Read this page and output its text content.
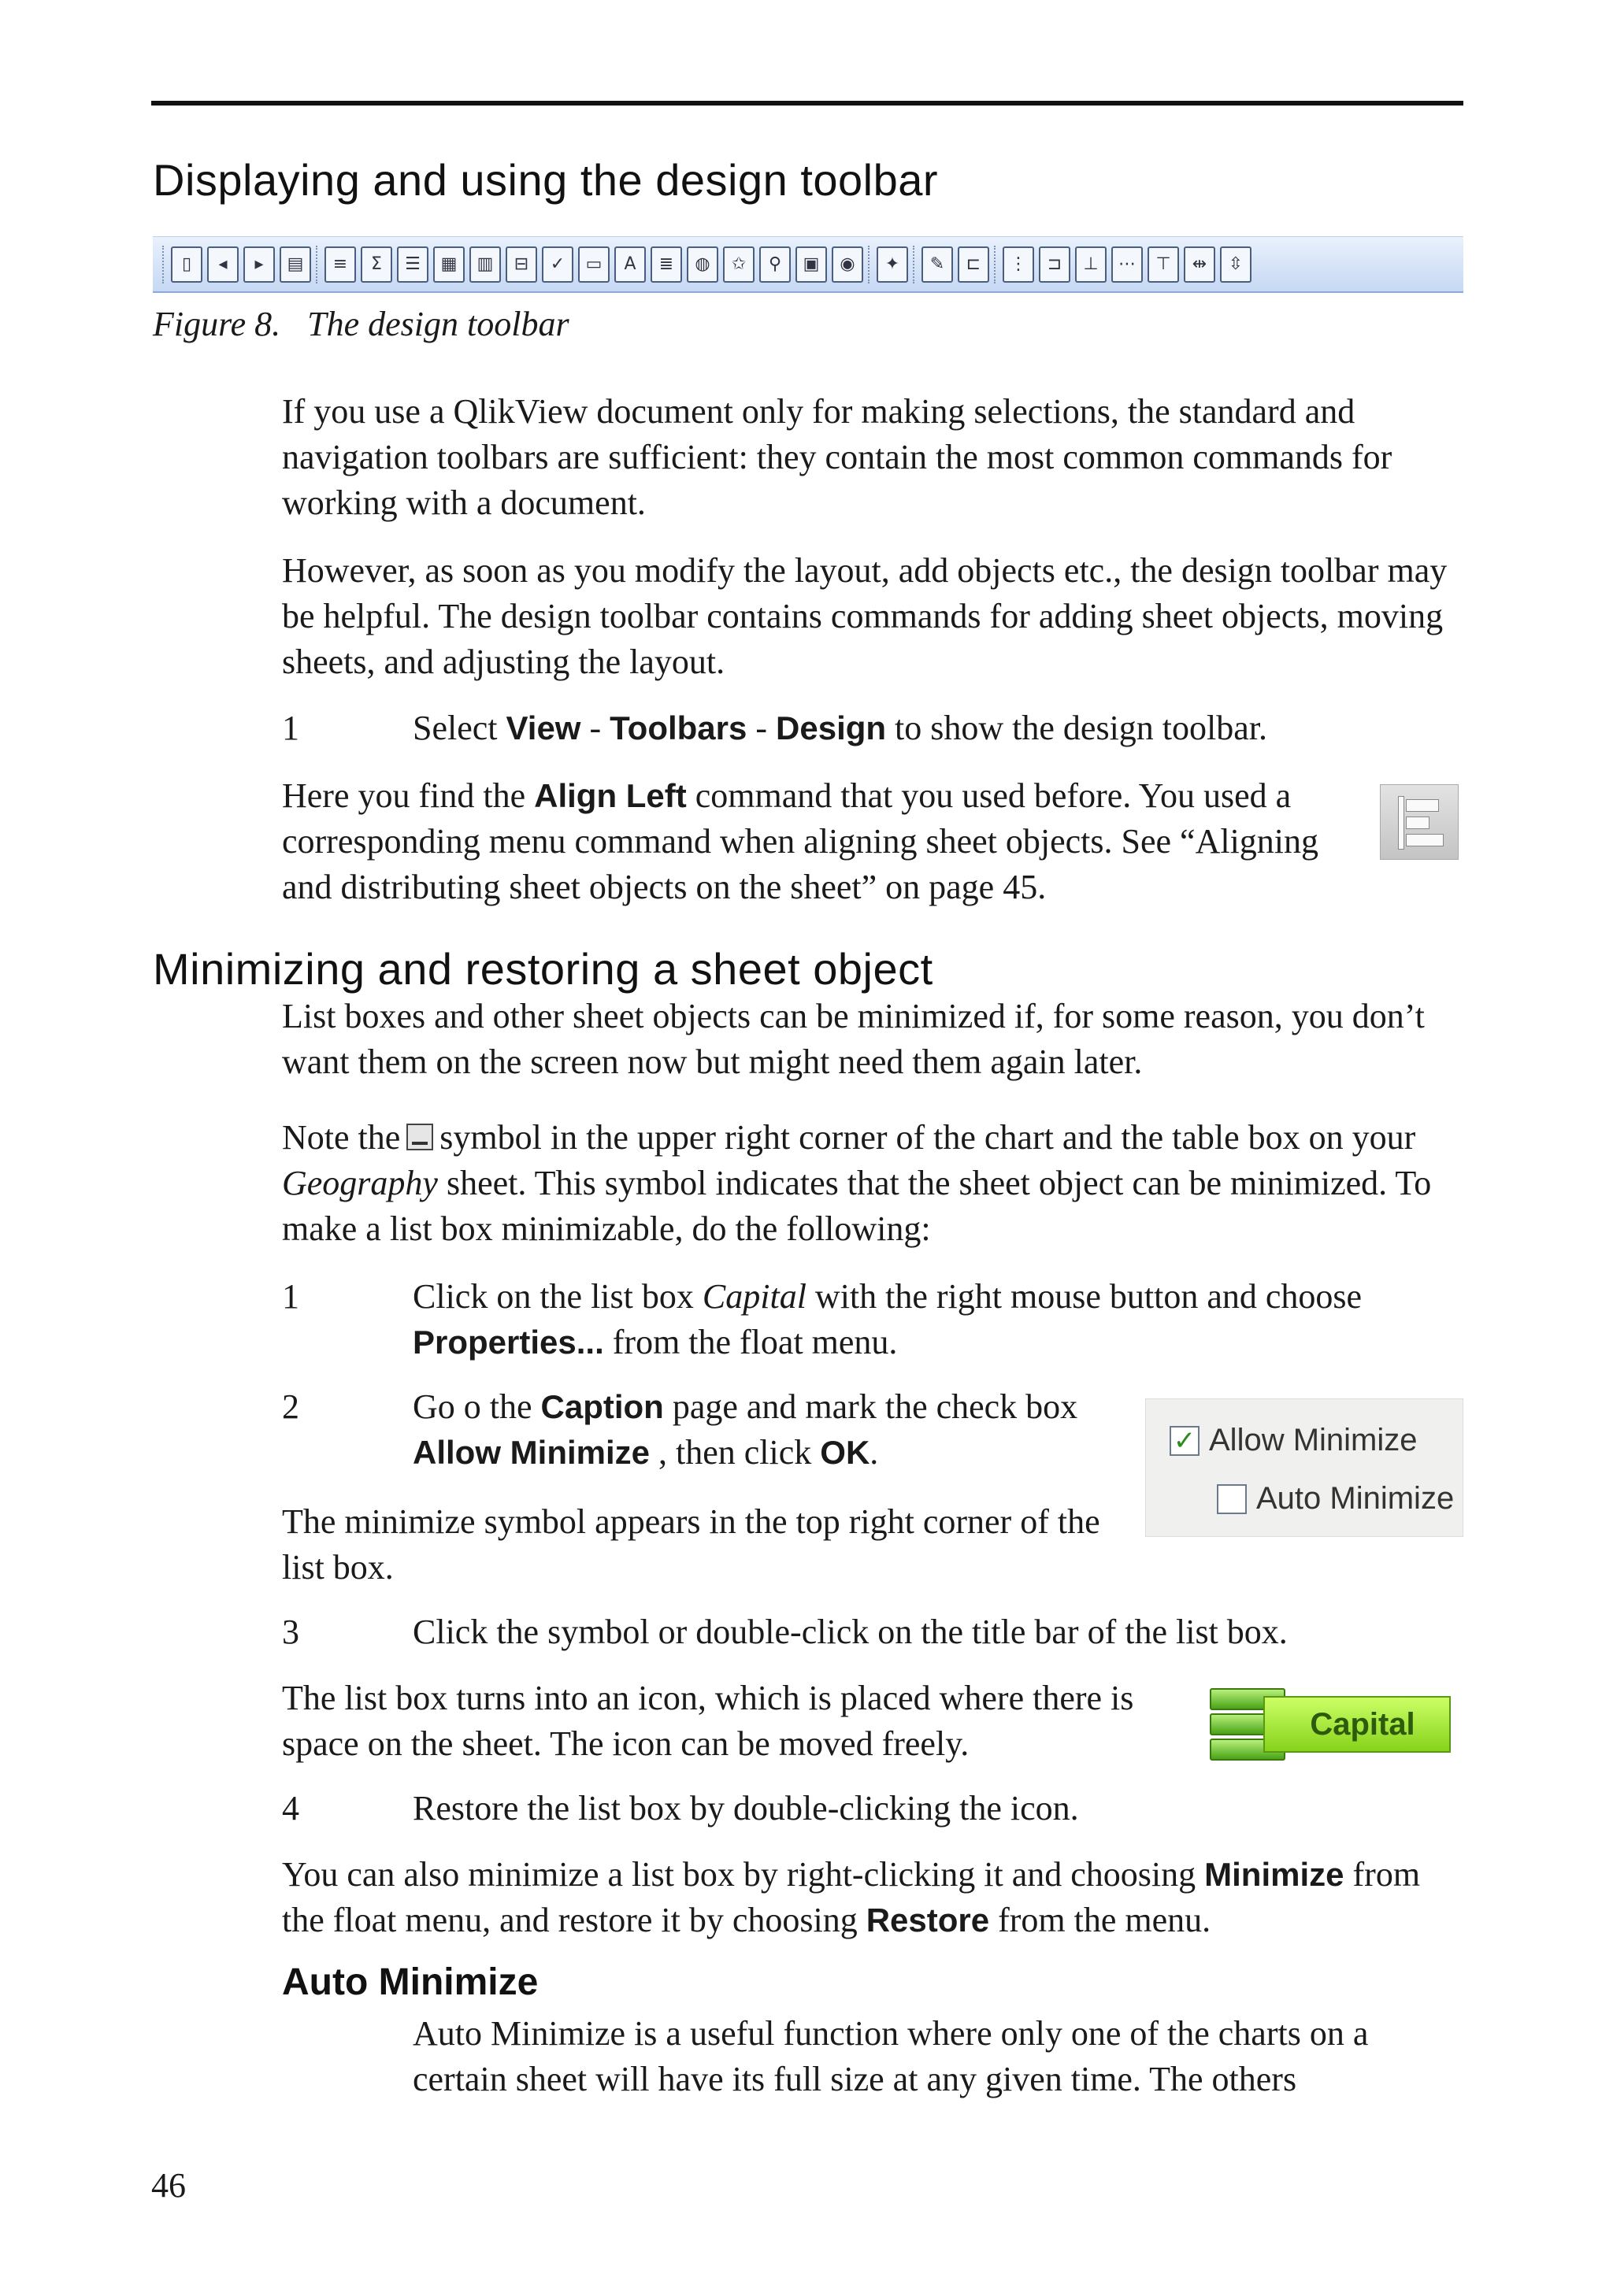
Displaying and using the design toolbar
▯	◂	▸	▤	≡	Σ	☰	▦	▥	⊟	✓	▭	A	≣	◍	✩	⚲	▣	◉	✦	✎	⊏	⋮	⊐	⊥	⋯	⊤	⇹	⇳
Figure 8. The design toolbar

If you use a QlikView document only for making selections, the standard and navigation toolbars are sufficient: they contain the most common commands for working with a document.

However, as soon as you modify the layout, add objects etc., the design toolbar may be helpful. The design toolbar contains commands for adding sheet objects, moving sheets, and adjusting the layout.

1	Select View - Toolbars - Design to show the design toolbar.

Here you find the Align Left command that you used before. You used a corresponding menu command when aligning sheet objects. See “Aligning and distributing sheet objects on the sheet” on page 45.

Minimizing and restoring a sheet object

List boxes and other sheet objects can be minimized if, for some reason, you don’t want them on the screen now but might need them again later.

Note the symbol in the upper right corner of the chart and the table box on your Geography sheet. This symbol indicates that the sheet object can be minimized. To make a list box minimizable, do the following:

1	Click on the list box Capital with the right mouse button and choose Properties... from the float menu.
2	Go o the Caption page and mark the check box Allow Minimize , then click OK.	✓ Allow Minimize
Auto Minimize

The minimize symbol appears in the top right corner of the list box.

3	Click the symbol or double-click on the title bar of the list box.

The list box turns into an icon, which is placed where there is space on the sheet. The icon can be moved freely.

Capital
4	Restore the list box by double-clicking the icon.

You can also minimize a list box by right-clicking it and choosing Minimize from the float menu, and restore it by choosing Restore from the menu.

Auto Minimize

Auto Minimize is a useful function where only one of the charts on a certain sheet will have its full size at any given time. The others

46
